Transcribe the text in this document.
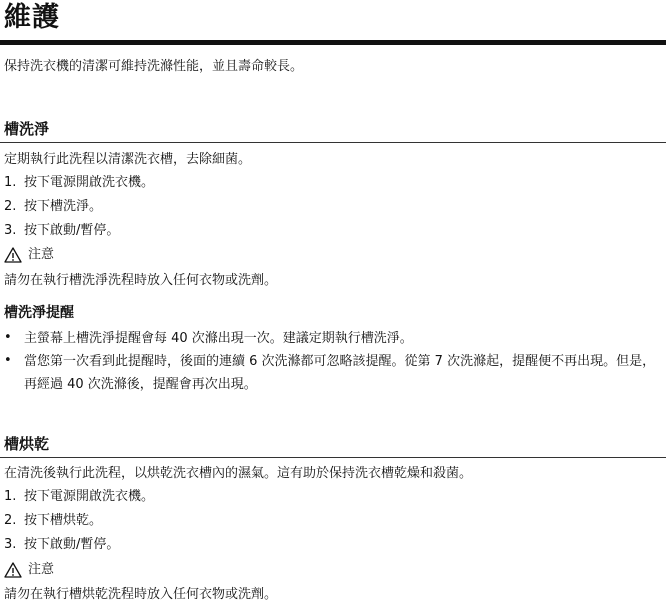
維護
保持洗衣機的清潔可維持洗滌性能，並且壽命較長。
槽洗淨
定期執行此洗程以清潔洗衣槽，去除細菌。
1. 按下電源開啟洗衣機。
2. 按下槽洗淨。
3. 按下啟動/暫停。
注意
請勿在執行槽洗淨洗程時放入任何衣物或洗劑。
槽洗淨提醒
• 主螢幕上槽洗淨提醒會每 40 次滌出現一次。建議定期執行槽洗淨。
• 當您第一次看到此提醒時，後面的連續 6 次洗滌都可忽略該提醒。從第 7 次洗滌起，提醒便不再出現。但是，再經過 40 次洗滌後，提醒會再次出現。
槽烘乾
在清洗後執行此洗程，以烘乾洗衣槽內的濕氣。這有助於保持洗衣槽乾燥和殺菌。
1. 按下電源開啟洗衣機。
2. 按下槽烘乾。
3. 按下啟動/暫停。
注意
請勿在執行槽烘乾洗程時放入任何衣物或洗劑。
